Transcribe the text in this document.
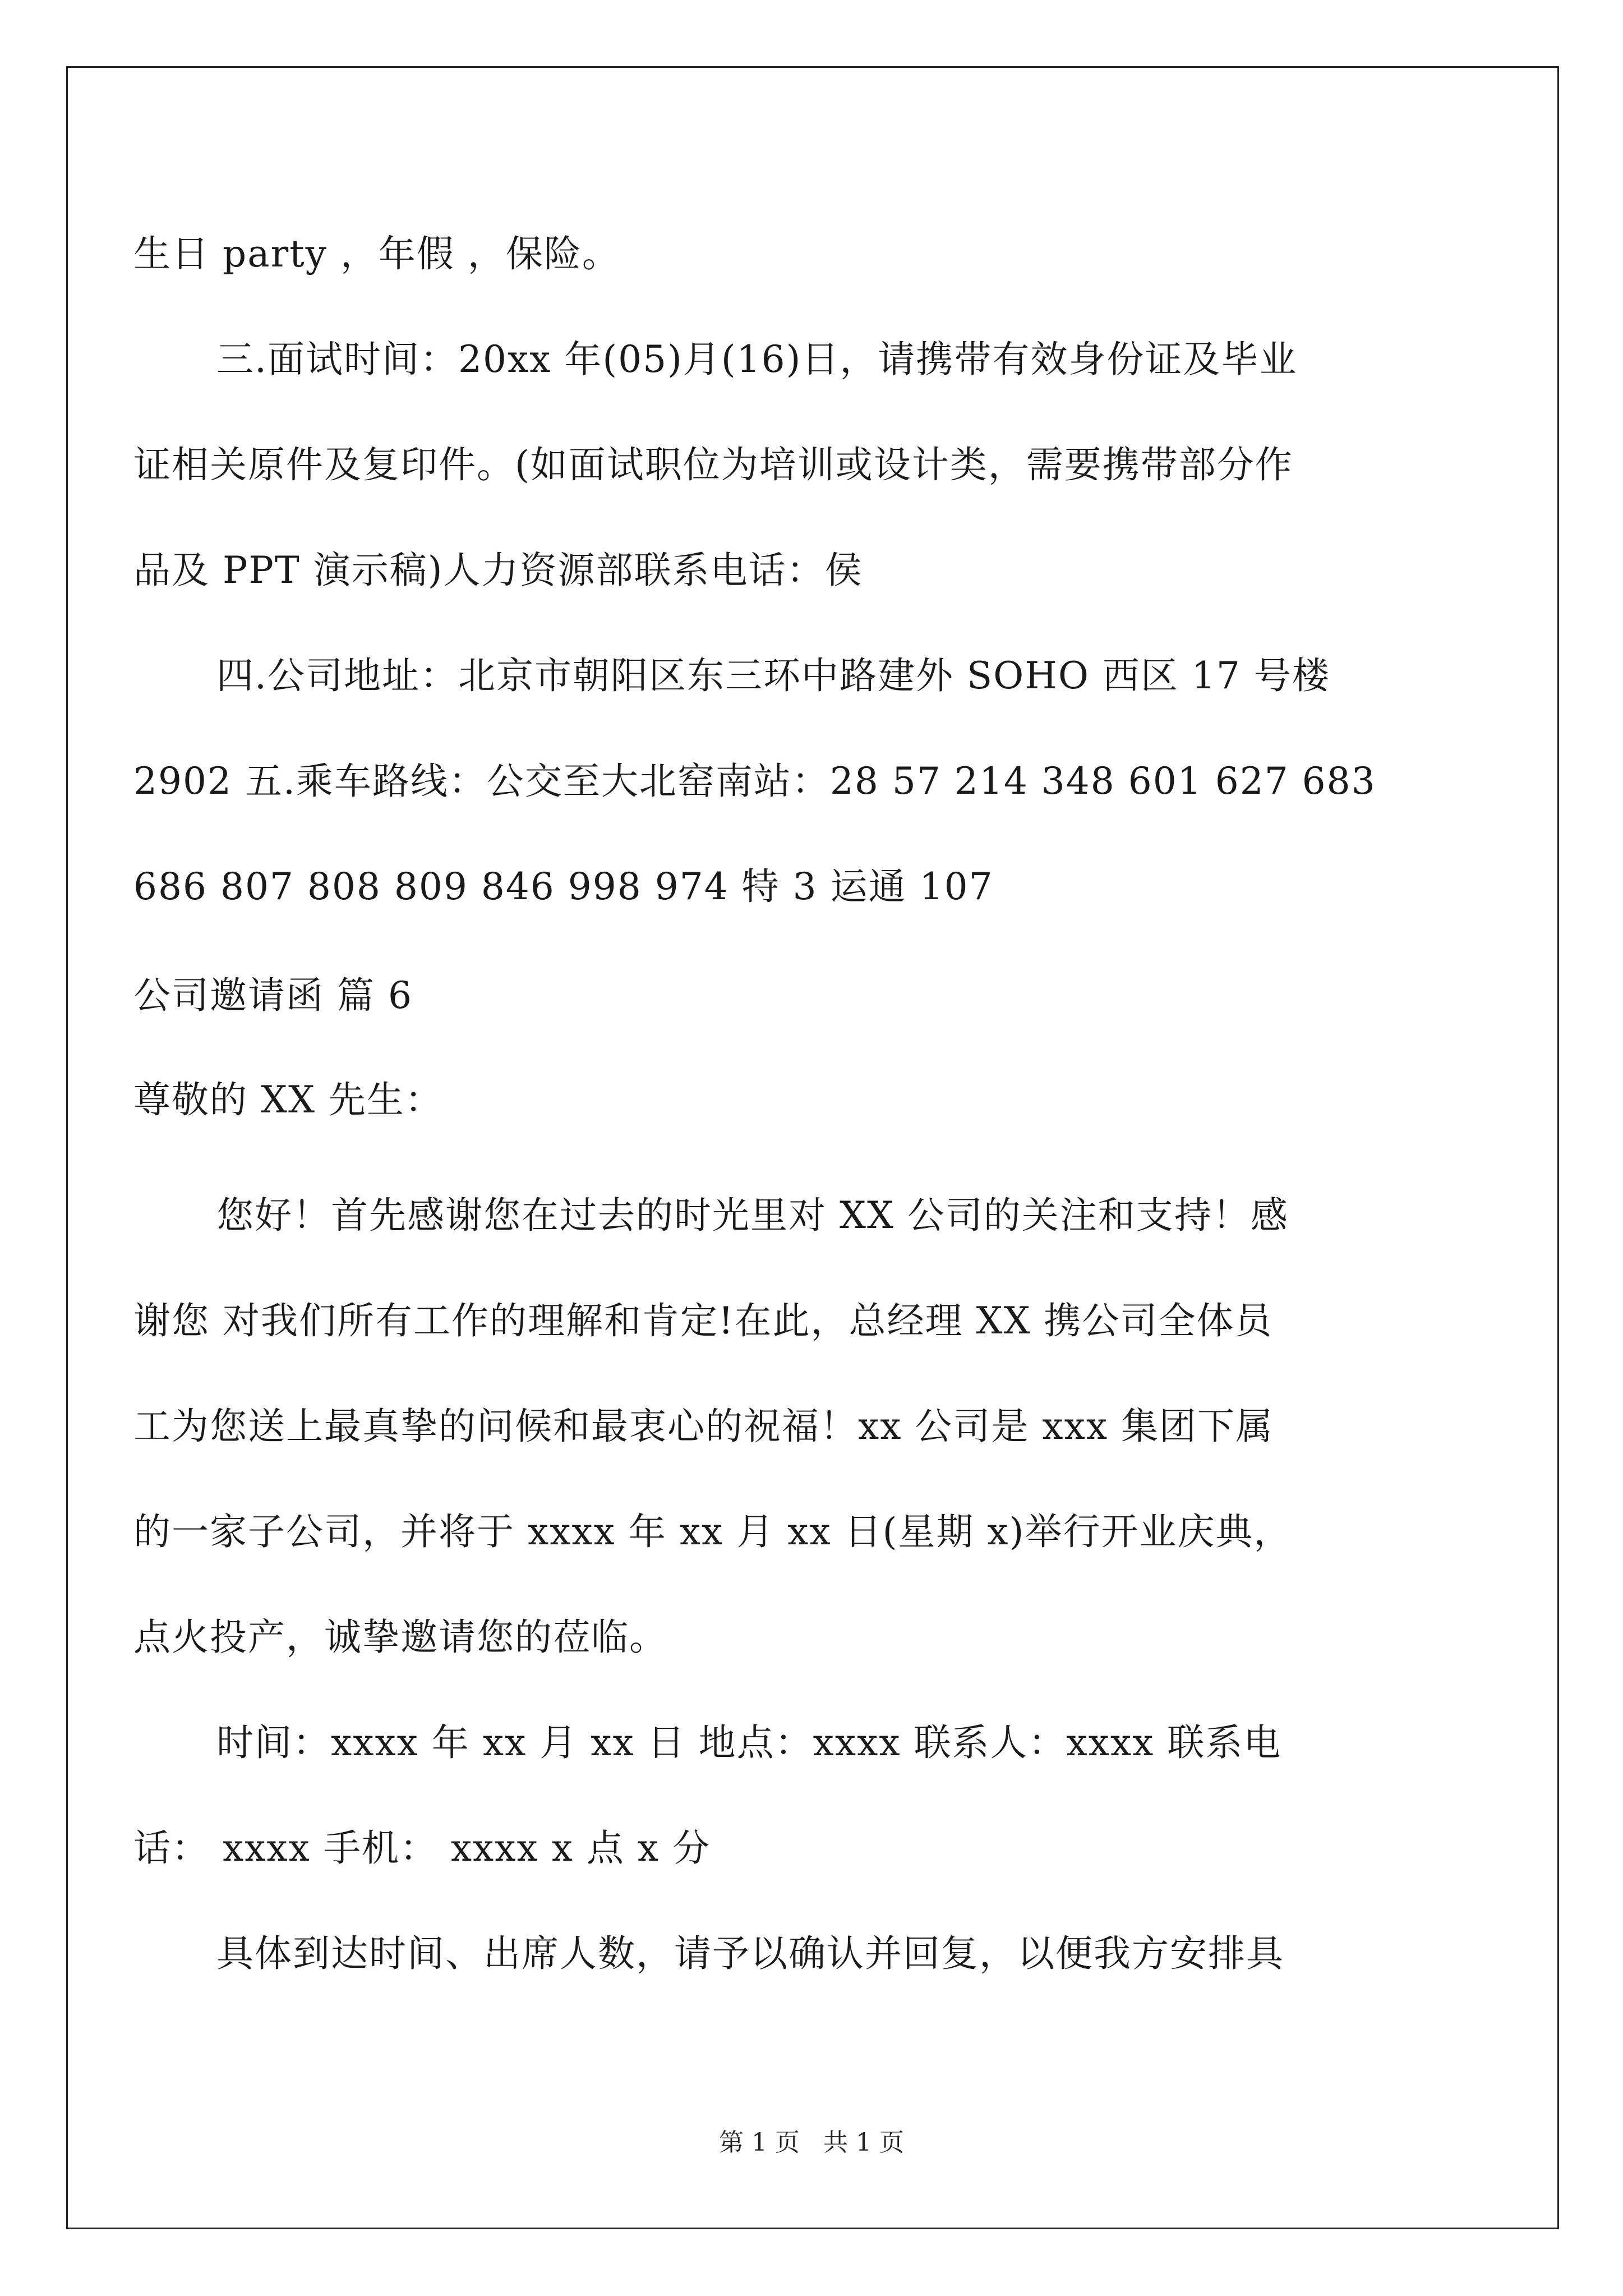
生日 party ，年假 ，保险。
三.面试时间：20xx 年(05)月(16)日，请携带有效身份证及毕业
证相关原件及复印件。(如面试职位为培训或设计类，需要携带部分作
品及 PPT 演示稿)人力资源部联系电话：侯
四.公司地址：北京市朝阳区东三环中路建外 SOHO 西区 17 号楼
2902 五.乘车路线：公交至大北窑南站：28 57 214 348 601 627 683
686 807 808 809 846 998 974 特 3 运通 107
公司邀请函 篇 6
尊敬的 XX 先生：
您好！首先感谢您在过去的时光里对 XX 公司的关注和支持！感
谢您 对我们所有工作的理解和肯定!在此，总经理 XX 携公司全体员
工为您送上最真挚的问候和最衷心的祝福！xx 公司是 xxx 集团下属
的一家子公司，并将于 xxxx 年 xx 月 xx 日(星期 x)举行开业庆典，
点火投产，诚挚邀请您的莅临。
时间：xxxx 年 xx 月 xx 日 地点：xxxx 联系人：xxxx 联系电
话： xxxx 手机： xxxx x 点 x 分
具体到达时间、出席人数，请予以确认并回复，以便我方安排具
第 1 页   共 1 页
